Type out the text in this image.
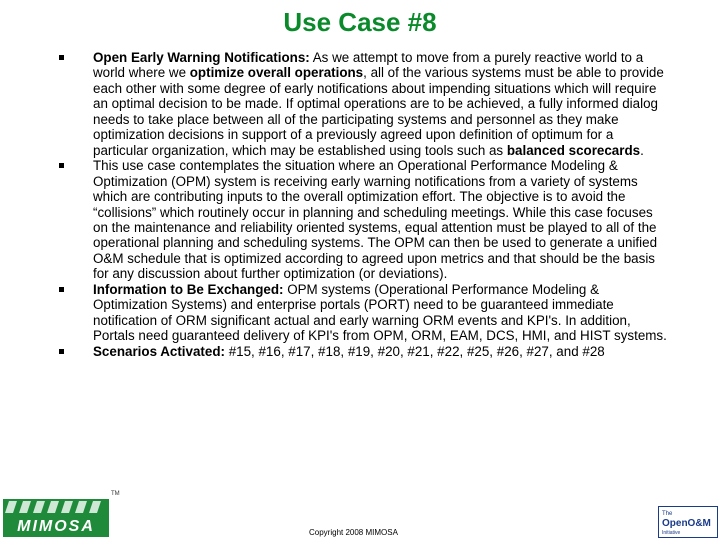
Use Case #8
Open Early Warning Notifications: As we attempt to move from a purely reactive world to a world where we optimize overall operations, all of the various systems must be able to provide each other with some degree of early notifications about impending situations which will require an optimal decision to be made. If optimal operations are to be achieved, a fully informed dialog needs to take place between all of the participating systems and personnel as they make optimization decisions in support of a previously agreed upon definition of optimum for a particular organization, which may be established using tools such as balanced scorecards.
This use case contemplates the situation where an Operational Performance Modeling & Optimization (OPM) system is receiving early warning notifications from a variety of systems which are contributing inputs to the overall optimization effort. The objective is to avoid the “collisions” which routinely occur in planning and scheduling meetings. While this case focuses on the maintenance and reliability oriented systems, equal attention must be played to all of the operational planning and scheduling systems. The OPM can then be used to generate a unified O&M schedule that is optimized according to agreed upon metrics and that should be the basis for any discussion about further optimization (or deviations).
Information to Be Exchanged: OPM systems (Operational Performance Modeling & Optimization Systems) and enterprise portals (PORT) need to be guaranteed immediate notification of ORM significant actual and early warning ORM events and KPI's. In addition, Portals need guaranteed delivery of KPI's from OPM, ORM, EAM, DCS, HMI, and HIST systems.
Scenarios Activated: #15, #16, #17, #18, #19, #20, #21, #22, #25, #26, #27, and #28
MIMOSA
TM
Copyright 2008 MIMOSA
The
OpenO&M
Initiative
